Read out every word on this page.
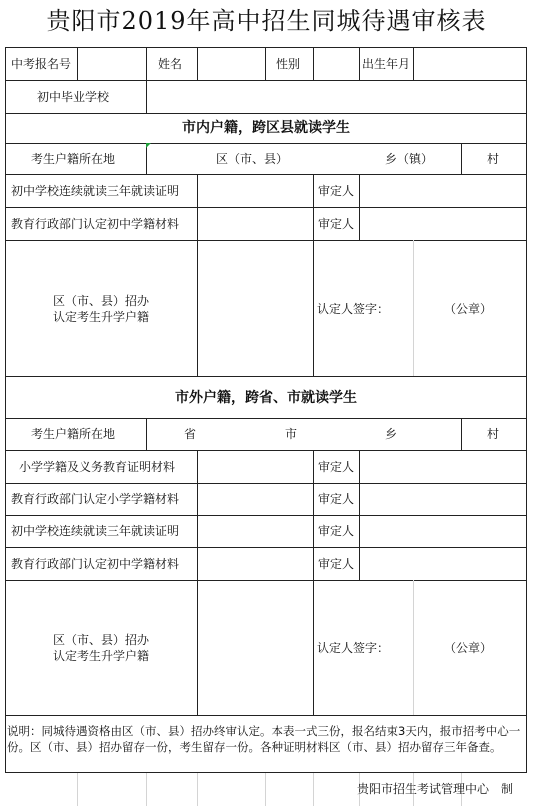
贵阳市2019年高中招生同城待遇审核表
中考报名号	姓名	性别	出生年月
初中毕业学校
市内户籍，跨区县就读学生
考生户籍所在地	区（市、县）	乡（镇）	村
初中学校连续就读三年就读证明	审定人
教育行政部门认定初中学籍材料	审定人
区（市、县）招办
认定考生升学户籍
认定人签字：	（公章）
市外户籍，跨省、市就读学生
考生户籍所在地	省	市	乡	村
小学学籍及义务教育证明材料	审定人
教育行政部门认定小学学籍材料	审定人
初中学校连续就读三年就读证明	审定人
教育行政部门认定初中学籍材料	审定人
区（市、县）招办
认定考生升学户籍
认定人签字：	（公章）
说明：同城待遇资格由区（市、县）招办终审认定。本表一式三份，报名结束3天内，报市招考中心一份。区（市、县）招办留存一份，考生留存一份。各种证明材料区（市、县）招办留存三年备查。
贵阳市招生考试管理中心　制
